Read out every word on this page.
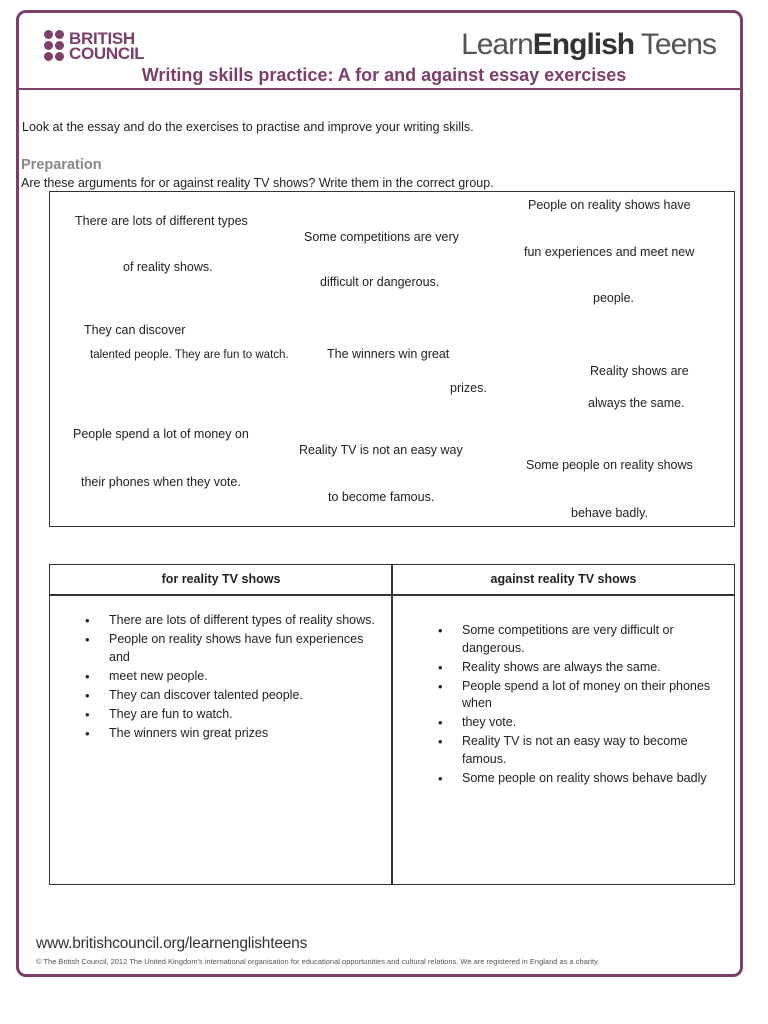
BRITISH
COUNCIL	LearnEnglish Teens
Writing skills practice: A for and against essay exercises
Look at the essay and do the exercises to practise and improve your writing skills.
Preparation
Are these arguments for or against reality TV shows? Write them in the correct group.
There are lots of different types
of reality shows.
Some competitions are very
difficult or dangerous.
People on reality shows have
fun experiences and meet new
people.
They can discover
talented people. They are fun to watch.	The winners win great
prizes.
Reality shows are
always the same.
People spend a lot of money on
their phones when they vote.
Reality TV is not an easy way
to become famous.
Some people on reality shows
behave badly.
for reality TV shows	against reality TV shows
• There are lots of different types of reality shows.
• People on reality shows have fun experiences and
• meet new people.
• They can discover talented people.
• They are fun to watch.
• The winners win great prizes
• Some competitions are very difficult or dangerous.
• Reality shows are always the same.
• People spend a lot of money on their phones when
• they vote.
• Reality TV is not an easy way to become famous.
• Some people on reality shows behave badly
www.britishcouncil.org/learnenglishteens
© The British Council, 2012 The United Kingdom's international organisation for educational opportunities and cultural relations. We are registered in England as a charity.
